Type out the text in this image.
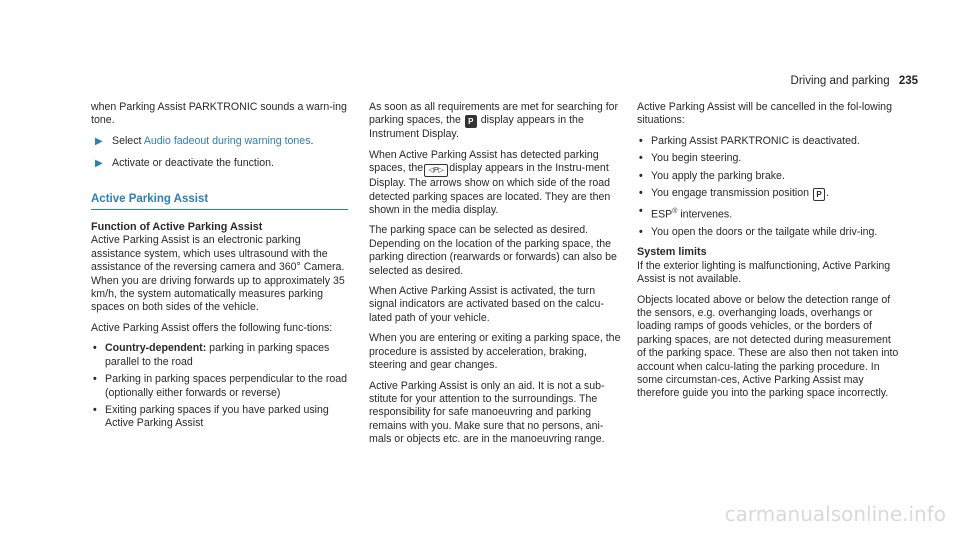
Driving and parking 235

when Parking Assist PARKTRONIC sounds a warn-ing tone.

▶ Select Audio fadeout during warning tones.
▶ Activate or deactivate the function.
Active Parking Assist
Function of Active Parking Assist

Active Parking Assist is an electronic parking assistance system, which uses ultrasound with the assistance of the reversing camera and 360° Camera. When you are driving forwards up to approximately 35 km/h, the system automatically measures parking spaces on both sides of the vehicle.

Active Parking Assist offers the following func-tions:

• Country-dependent: parking in parking spaces parallel to the road
• Parking in parking spaces perpendicular to the road (optionally either forwards or reverse)
• Exiting parking spaces if you have parked using Active Parking Assist

As soon as all requirements are met for searching for parking spaces, the P display appears in the Instrument Display.

When Active Parking Assist has detected parking spaces, the ◁P▷ display appears in the Instru-ment Display. The arrows show on which side of the road detected parking spaces are located. They are then shown in the media display.

The parking space can be selected as desired. Depending on the location of the parking space, the parking direction (rearwards or forwards) can also be selected as desired.

When Active Parking Assist is activated, the turn signal indicators are activated based on the calcu-lated path of your vehicle.

When you are entering or exiting a parking space, the procedure is assisted by acceleration, braking, steering and gear changes.

Active Parking Assist is only an aid. It is not a sub-stitute for your attention to the surroundings. The responsibility for safe manoeuvring and parking remains with you. Make sure that no persons, ani-mals or objects etc. are in the manoeuvring range.

Active Parking Assist will be cancelled in the fol-lowing situations:

• Parking Assist PARKTRONIC is deactivated.
• You begin steering.
• You apply the parking brake.
• You engage transmission position P .
• ESP® intervenes.
• You open the doors or the tailgate while driv-ing.
System limits

If the exterior lighting is malfunctioning, Active Parking Assist is not available.

Objects located above or below the detection range of the sensors, e.g. overhanging loads, overhangs or loading ramps of goods vehicles, or the borders of parking spaces, are not detected during measurement of the parking space. These are also then not taken into account when calcu-lating the parking procedure. In some circumstan-ces, Active Parking Assist may therefore guide you into the parking space incorrectly.

carmanualsonline.info
